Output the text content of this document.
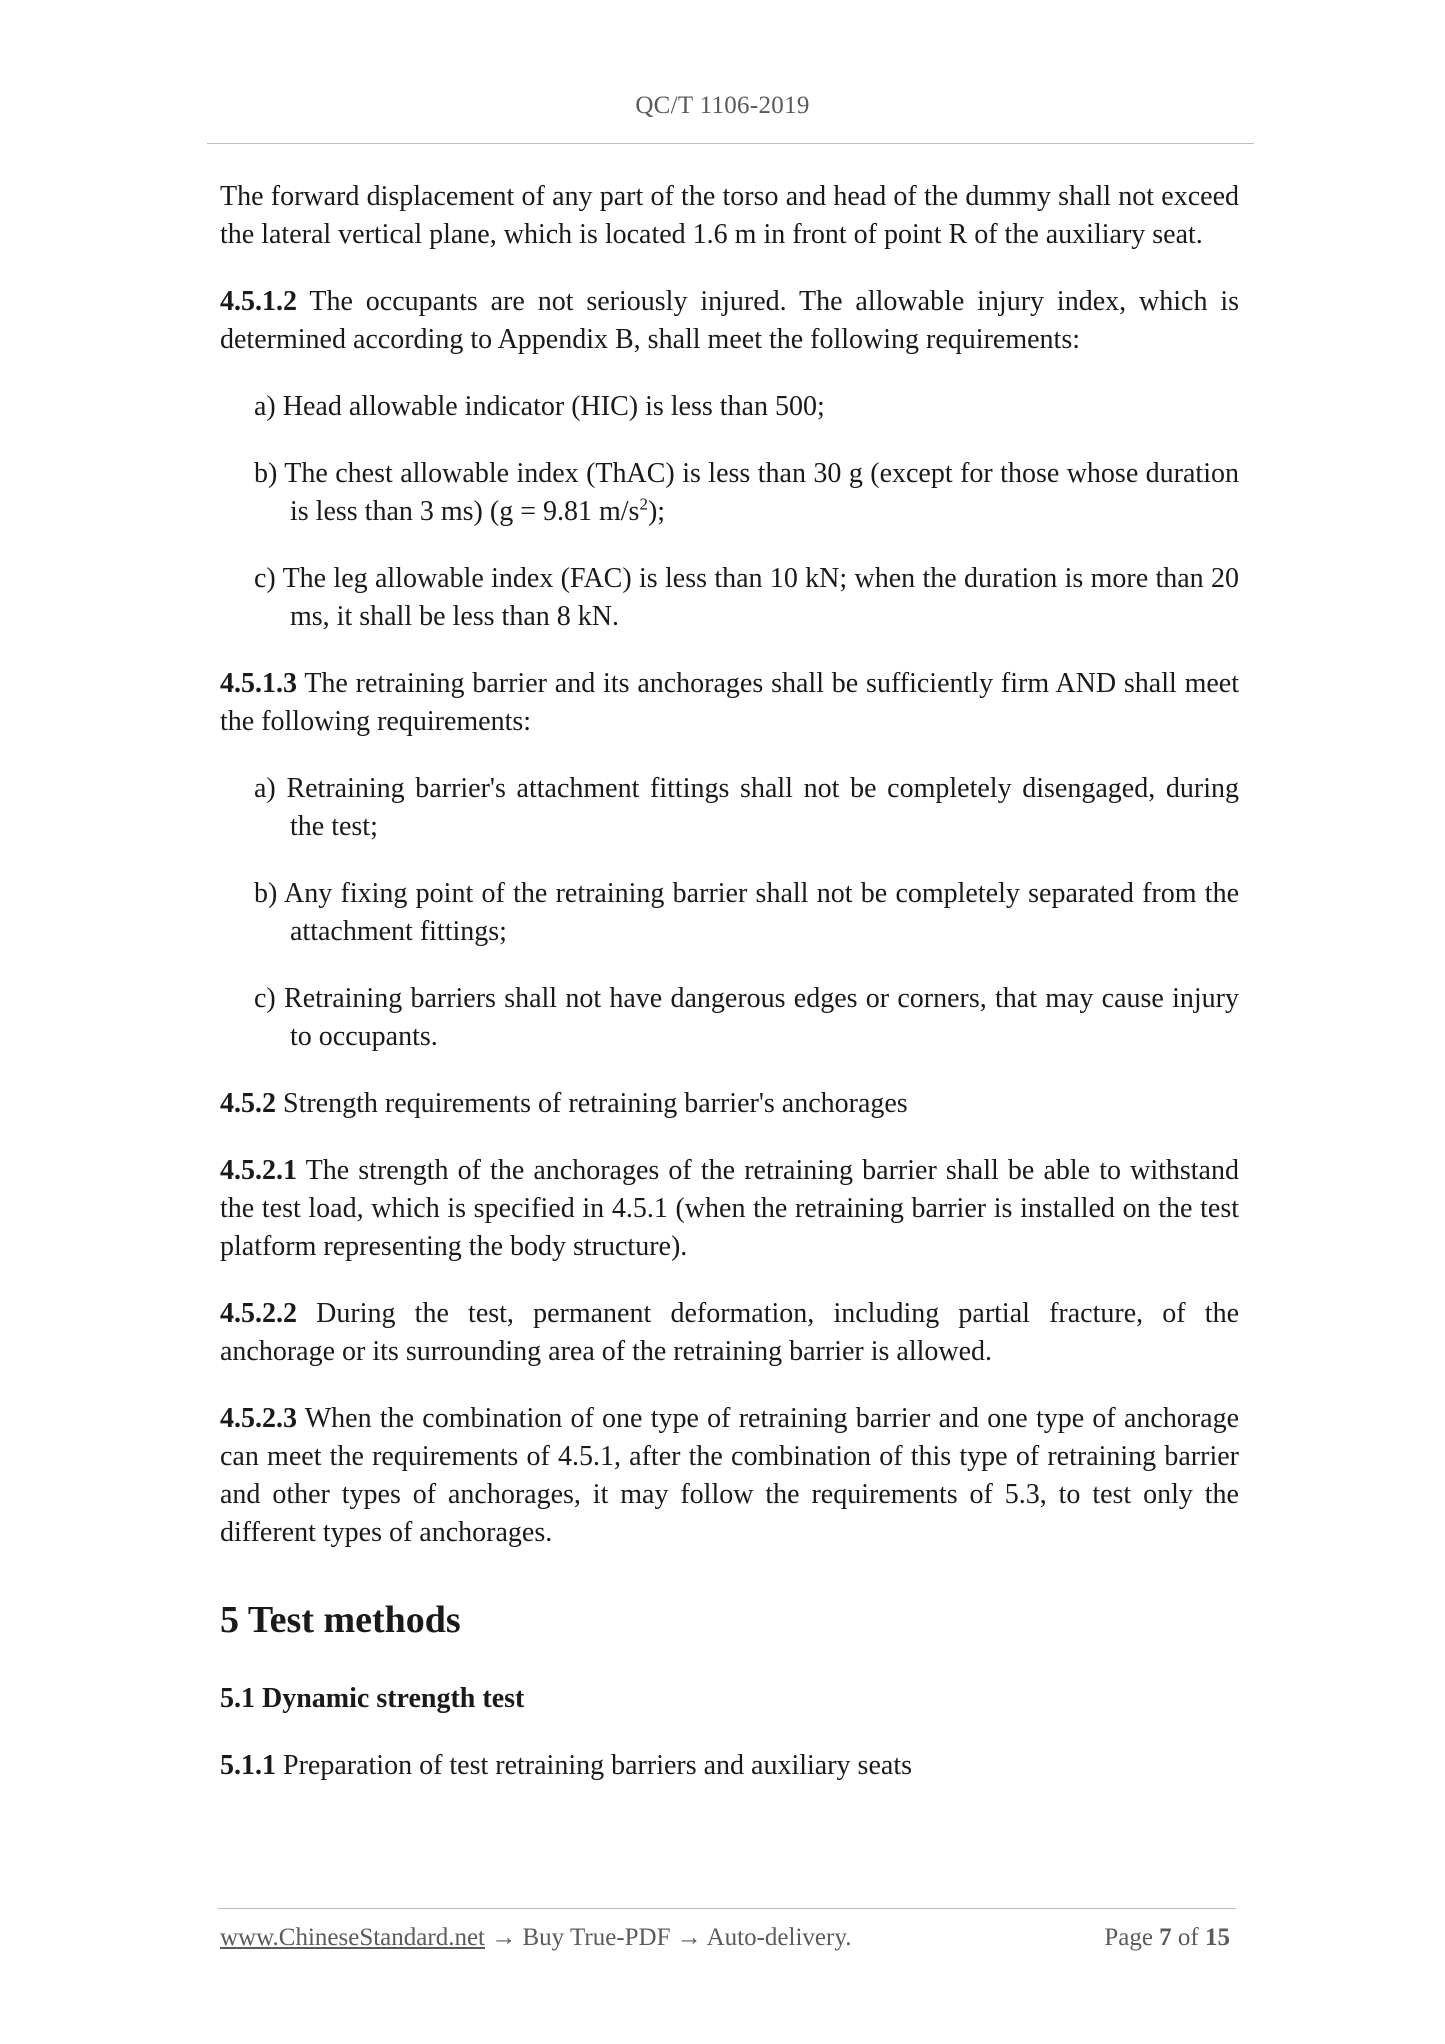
QC/T 1106-2019

The forward displacement of any part of the torso and head of the dummy shall not exceed the lateral vertical plane, which is located 1.6 m in front of point R of the auxiliary seat.

4.5.1.2 The occupants are not seriously injured. The allowable injury index, which is determined according to Appendix B, shall meet the following requirements:

a) Head allowable indicator (HIC) is less than 500;

b) The chest allowable index (ThAC) is less than 30 g (except for those whose duration is less than 3 ms) (g = 9.81 $m/s^2$);

c) The leg allowable index (FAC) is less than 10 kN; when the duration is more than 20 ms, it shall be less than 8 kN.

4.5.1.3 The retraining barrier and its anchorages shall be sufficiently firm AND shall meet the following requirements:

a) Retraining barrier's attachment fittings shall not be completely disengaged, during the test;

b) Any fixing point of the retraining barrier shall not be completely separated from the attachment fittings;

c) Retraining barriers shall not have dangerous edges or corners, that may cause injury to occupants.

4.5.2 Strength requirements of retraining barrier's anchorages

4.5.2.1 The strength of the anchorages of the retraining barrier shall be able to withstand the test load, which is specified in 4.5.1 (when the retraining barrier is installed on the test platform representing the body structure).

4.5.2.2 During the test, permanent deformation, including partial fracture, of the anchorage or its surrounding area of the retraining barrier is allowed.

4.5.2.3 When the combination of one type of retraining barrier and one type of anchorage can meet the requirements of 4.5.1, after the combination of this type of retraining barrier and other types of anchorages, it may follow the requirements of 5.3, to test only the different types of anchorages.

5 Test methods
5.1 Dynamic strength test

5.1.1 Preparation of test retraining barriers and auxiliary seats

www.ChineseStandard.net → Buy True-PDF → Auto-delivery.	Page 7 of 15
